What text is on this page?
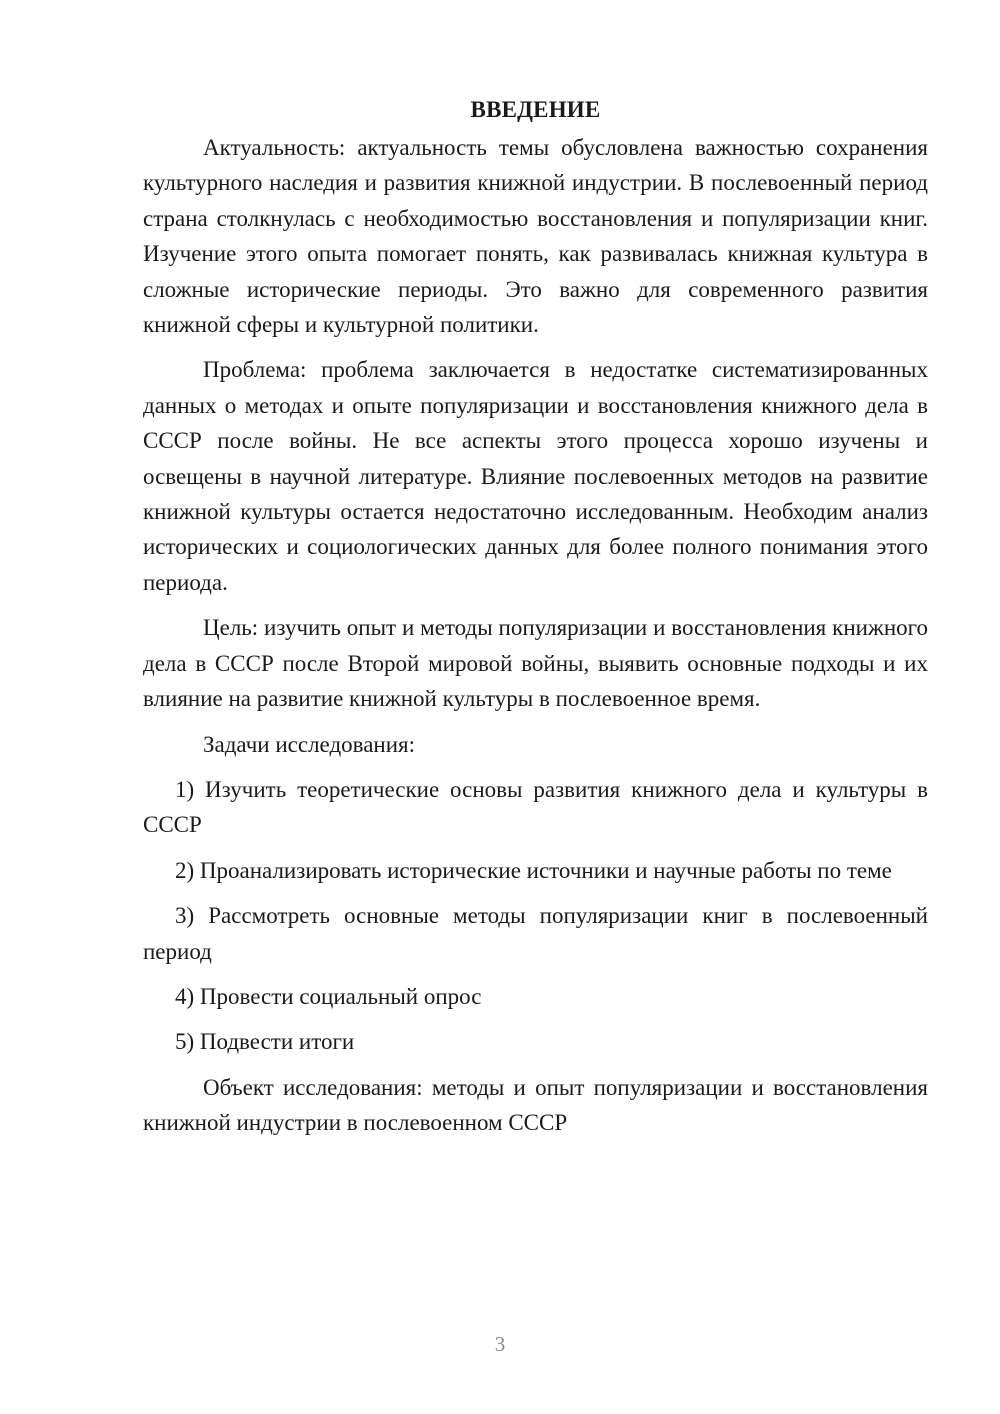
ВВЕДЕНИЕ

Актуальность: актуальность темы обусловлена важностью сохранения культурного наследия и развития книжной индустрии. В послевоенный период страна столкнулась с необходимостью восстановления и популяризации книг. Изучение этого опыта помогает понять, как развивалась книжная культура в сложные исторические периоды. Это важно для современного развития книжной сферы и культурной политики.

Проблема: проблема заключается в недостатке систематизированных данных о методах и опыте популяризации и восстановления книжного дела в СССР после войны. Не все аспекты этого процесса хорошо изучены и освещены в научной литературе. Влияние послевоенных методов на развитие книжной культуры остается недостаточно исследованным. Необходим анализ исторических и социологических данных для более полного понимания этого периода.

Цель: изучить опыт и методы популяризации и восстановления книжного дела в СССР после Второй мировой войны, выявить основные подходы и их влияние на развитие книжной культуры в послевоенное время.

Задачи исследования:

1) Изучить теоретические основы развития книжного дела и культуры в СССР

2) Проанализировать исторические источники и научные работы по теме

3) Рассмотреть основные методы популяризации книг в послевоенный период

4) Провести социальный опрос

5) Подвести итоги

Объект исследования: методы и опыт популяризации и восстановления книжной индустрии в послевоенном СССР

3
